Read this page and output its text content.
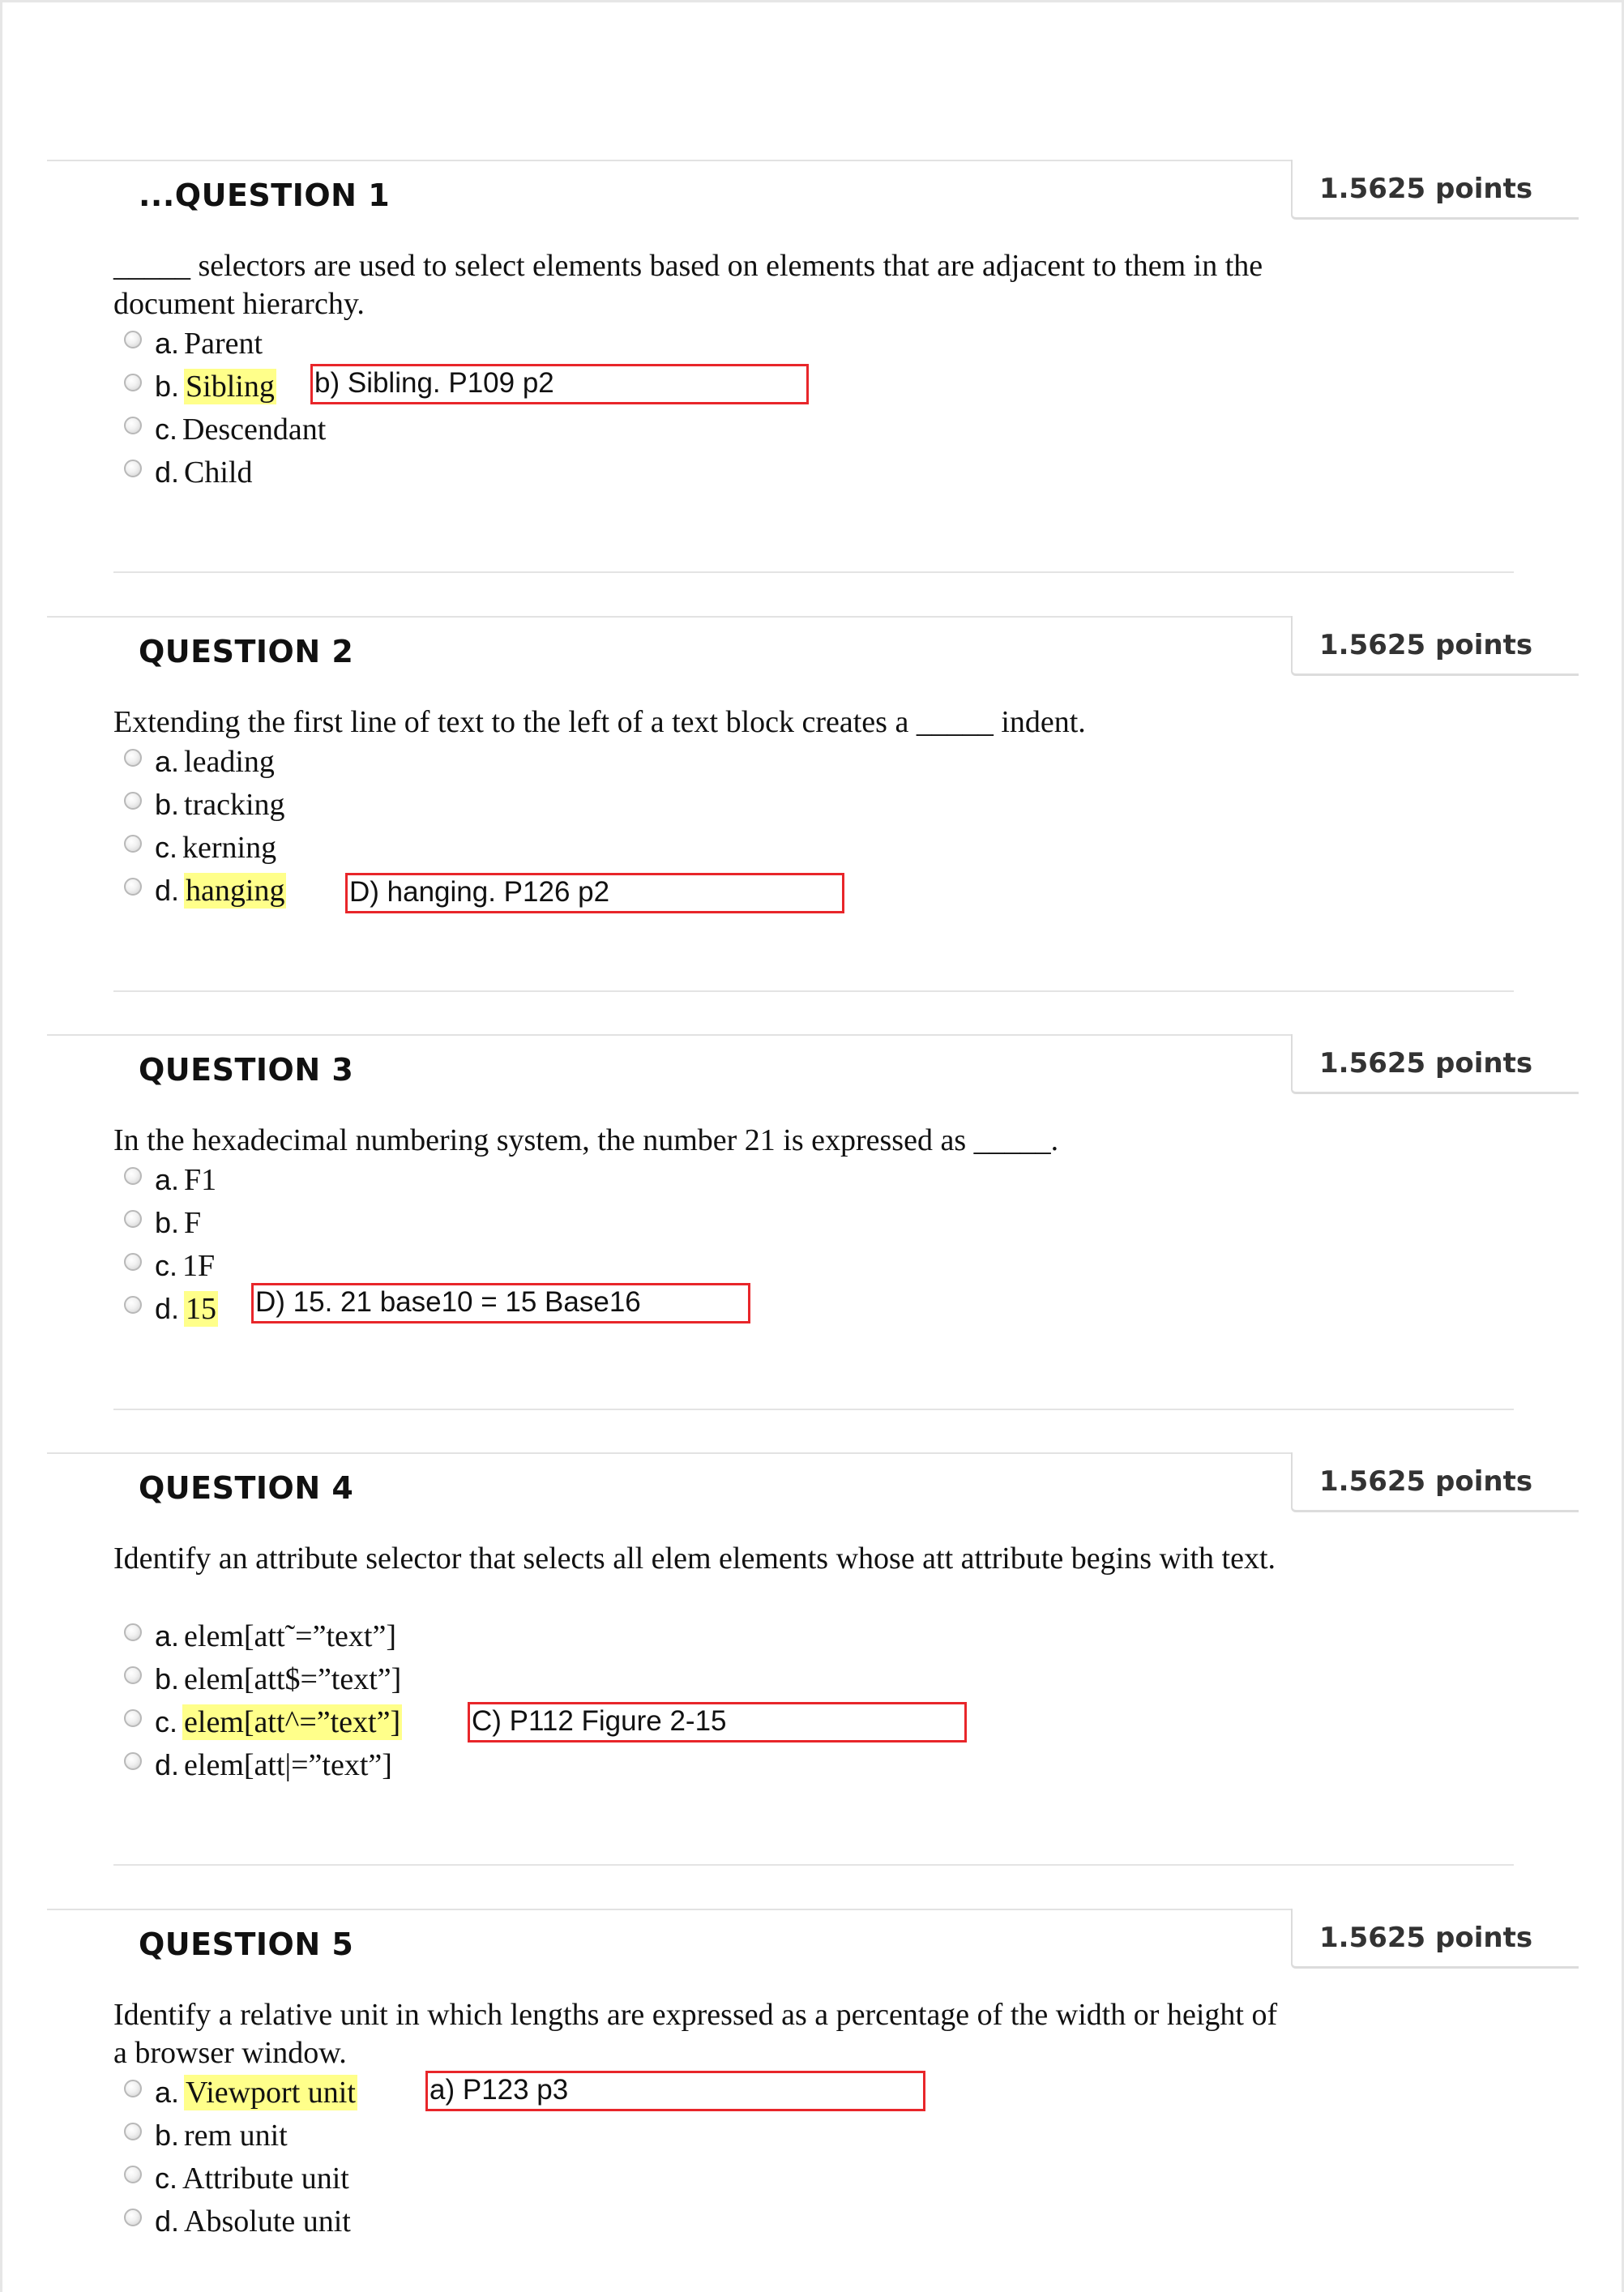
...QUESTION 1	1.5625 points
_____ selectors are used to select elements based on elements that are adjacent to them in the document hierarchy.
a. Parent
b. Sibling b) Sibling. P109 p2
c. Descendant
d. Child
QUESTION 2	1.5625 points
Extending the first line of text to the left of a text block creates a _____ indent.
a. leading
b. tracking
c. kerning
d. hanging D) hanging. P126 p2
QUESTION 3	1.5625 points
In the hexadecimal numbering system, the number 21 is expressed as _____.
a. F1
b. F
c. 1F
d. 15 D) 15. 21 base10 = 15 Base16
QUESTION 4	1.5625 points
Identify an attribute selector that selects all elem elements whose att attribute begins with text.
a. elem[att˜=”text”]
b. elem[att$=”text”]
c. elem[att^=”text”]	C) P112 Figure 2-15
d. elem[att|=”text”]
QUESTION 5	1.5625 points
Identify a relative unit in which lengths are expressed as a percentage of the width or height of a browser window.
a. Viewport unit	a) P123 p3
b. rem unit
c. Attribute unit
d. Absolute unit
